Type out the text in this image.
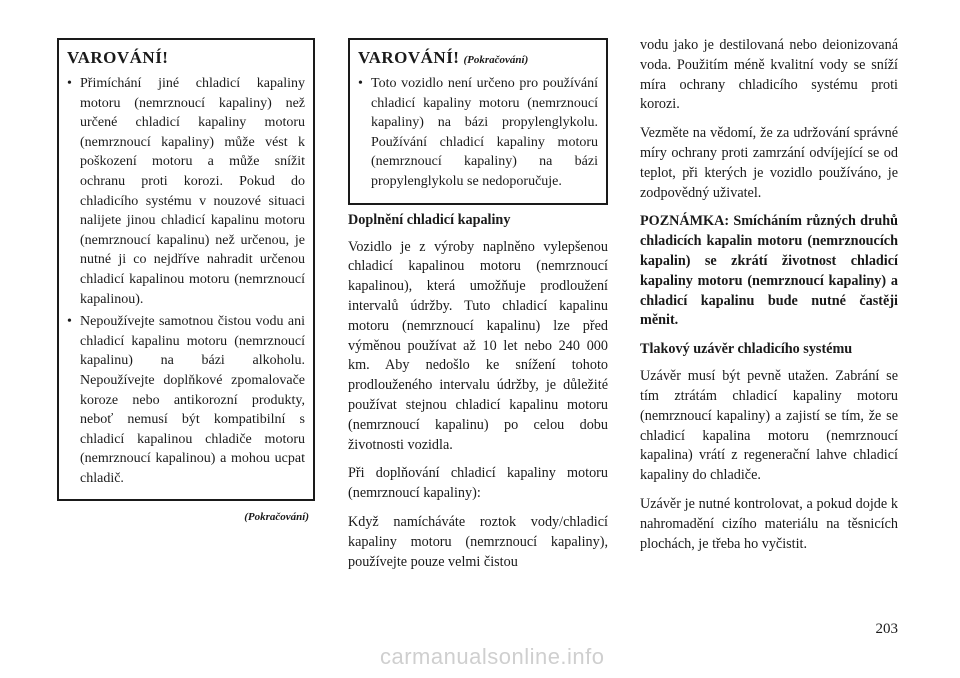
VAROVÁNÍ!
• Přimíchání jiné chladicí kapaliny motoru (nemrznoucí kapaliny) než určené chladicí kapaliny motoru (nemrznoucí kapaliny) může vést k poškození motoru a může snížit ochranu proti korozi. Pokud do chladicího systému v nouzové situaci nalijete jinou chladicí kapalinu motoru (nemrznoucí kapalinu) než určenou, je nutné ji co nejdříve nahradit určenou chladicí kapalinou motoru (nemrznoucí kapalinou).
• Nepoužívejte samotnou čistou vodu ani chladicí kapalinu motoru (nemrznoucí kapalinu) na bázi alkoholu. Nepoužívejte doplňkové zpomalovače koroze nebo antikorozní produkty, neboť nemusí být kompatibilní s chladicí kapalinou chladiče motoru (nemrznoucí kapalinou) a mohou ucpat chladič.
(Pokračování)
VAROVÁNÍ! (Pokračování)
• Toto vozidlo není určeno pro používání chladicí kapaliny motoru (nemrznoucí kapaliny) na bázi propylenglykolu. Používání chladicí kapaliny motoru (nemrznoucí kapaliny) na bázi propylenglykolu se nedoporučuje.
Doplnění chladicí kapaliny

Vozidlo je z výroby naplněno vylepšenou chladicí kapalinou motoru (nemrznoucí kapalinou), která umožňuje prodloužení intervalů údržby. Tuto chladicí kapalinu motoru (nemrznoucí kapalinu) lze před výměnou používat až 10 let nebo 240 000 km. Aby nedošlo ke snížení tohoto prodlouženého intervalu údržby, je důležité používat stejnou chladicí kapalinu motoru (nemrznoucí kapalinu) po celou dobu životnosti vozidla.

Při doplňování chladicí kapaliny motoru (nemrznoucí kapaliny):

Když namícháváte roztok vody/chladicí kapaliny motoru (nemrznoucí kapaliny), používejte pouze velmi čistou

vodu jako je destilovaná nebo deionizovaná voda. Použitím méně kvalitní vody se sníží míra ochrany chladicího systému proti korozi.

Vezměte na vědomí, že za udržování správné míry ochrany proti zamrzání odvíjející se od teplot, při kterých je vozidlo používáno, je zodpovědný uživatel.

POZNÁMKA: Smícháním různých druhů chladicích kapalin motoru (nemrznoucích kapalin) se zkrátí životnost chladicí kapaliny motoru (nemrznoucí kapaliny) a chladicí kapalinu bude nutné častěji měnit.

Tlakový uzávěr chladicího systému

Uzávěr musí být pevně utažen. Zabrání se tím ztrátám chladicí kapaliny motoru (nemrznoucí kapaliny) a zajistí se tím, že se chladicí kapalina motoru (nemrznoucí kapalina) vrátí z regenerační lahve chladicí kapaliny do chladiče.

Uzávěr je nutné kontrolovat, a pokud dojde k nahromadění cizího materiálu na těsnicích plochách, je třeba ho vyčistit.

203
carmanualsonline.info
